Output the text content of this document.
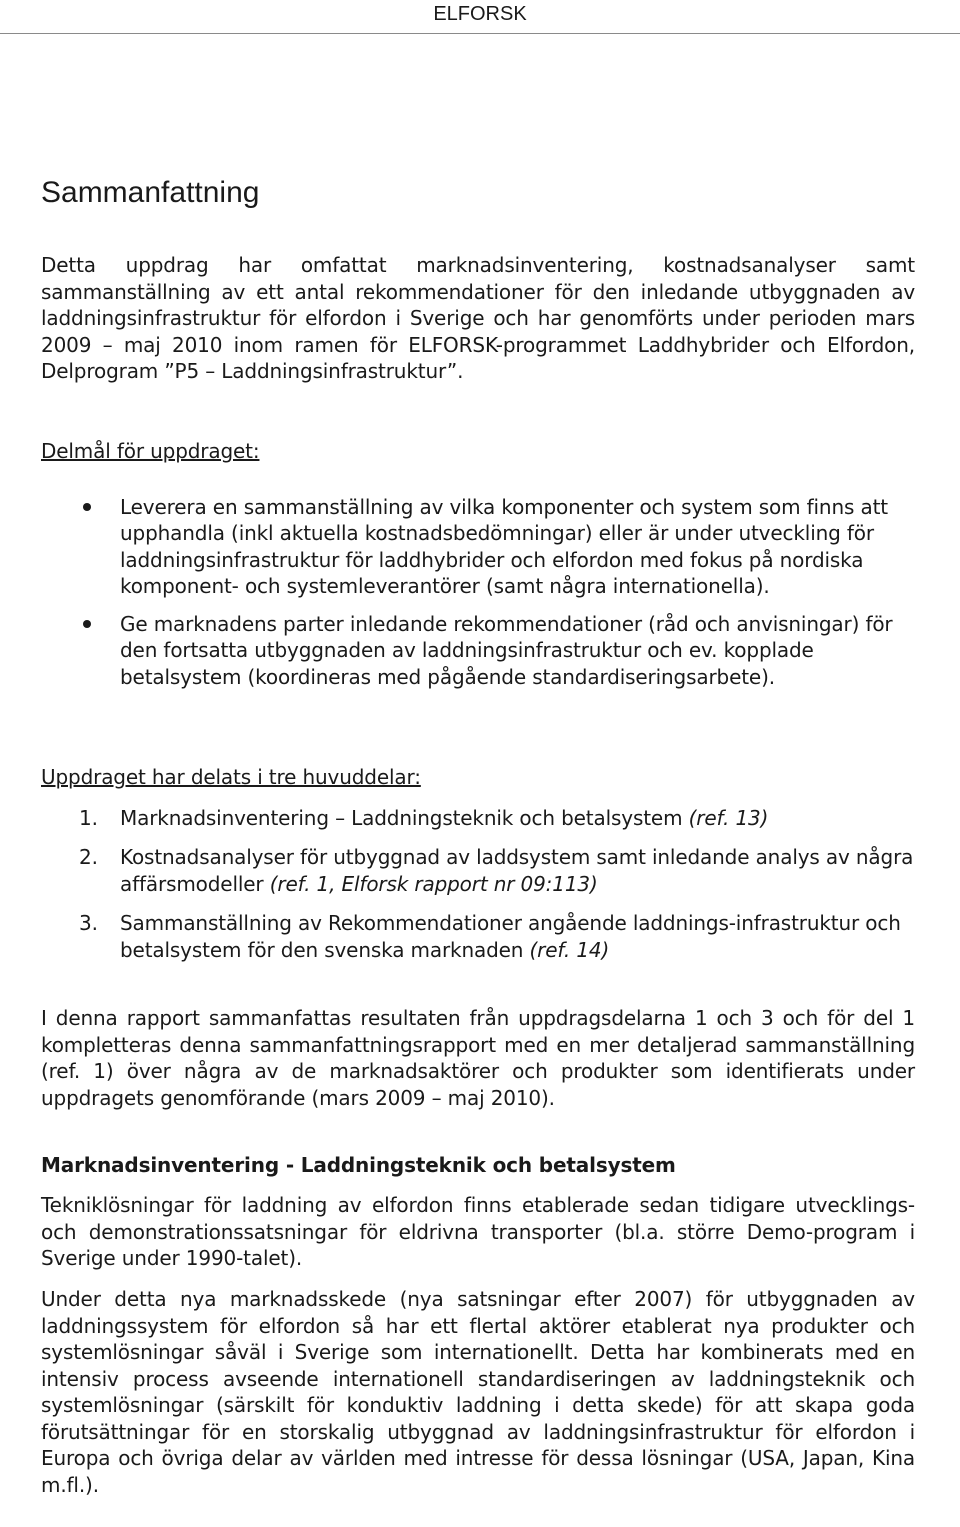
ELFORSK
Sammanfattning

Detta uppdrag har omfattat marknadsinventering, kostnadsanalyser samt sammanställning av ett antal rekommendationer för den inledande utbyggnaden av laddningsinfrastruktur för elfordon i Sverige och har genomförts under perioden mars 2009 – maj 2010 inom ramen för ELFORSK-programmet Laddhybrider och Elfordon, Delprogram ”P5 – Laddningsinfrastruktur”.

Delmål för uppdraget:
Leverera en sammanställning av vilka komponenter och system som finns att upphandla (inkl aktuella kostnadsbedömningar) eller är under utveckling för laddningsinfrastruktur för laddhybrider och elfordon med fokus på nordiska komponent- och systemleverantörer (samt några internationella).
Ge marknadens parter inledande rekommendationer (råd och anvisningar) för den fortsatta utbyggnaden av laddningsinfrastruktur och ev. kopplade betalsystem (koordineras med pågående standardiseringsarbete).
Uppdraget har delats i tre huvuddelar:
1. Marknadsinventering – Laddningsteknik och betalsystem (ref. 13)
2. Kostnadsanalyser för utbyggnad av laddsystem samt inledande analys av några affärsmodeller (ref. 1, Elforsk rapport nr 09:113)
3. Sammanställning av Rekommendationer angående laddnings-infrastruktur och betalsystem för den svenska marknaden (ref. 14)

I denna rapport sammanfattas resultaten från uppdragsdelarna 1 och 3 och för del 1 kompletteras denna sammanfattningsrapport med en mer detaljerad sammanställning (ref. 1) över några av de marknadsaktörer och produkter som identifierats under uppdragets genomförande (mars 2009 – maj 2010).

Marknadsinventering - Laddningsteknik och betalsystem

Tekniklösningar för laddning av elfordon finns etablerade sedan tidigare utvecklings- och demonstrationssatsningar för eldrivna transporter (bl.a. större Demo-program i Sverige under 1990-talet).

Under detta nya marknadsskede (nya satsningar efter 2007) för utbyggnaden av laddningssystem för elfordon så har ett flertal aktörer etablerat nya produkter och systemlösningar såväl i Sverige som internationellt. Detta har kombinerats med en intensiv process avseende internationell standardiseringen av laddningsteknik och systemlösningar (särskilt för konduktiv laddning i detta skede) för att skapa goda förutsättningar för en storskalig utbyggnad av laddningsinfrastruktur för elfordon i Europa och övriga delar av världen med intresse för dessa lösningar (USA, Japan, Kina m.fl.).
